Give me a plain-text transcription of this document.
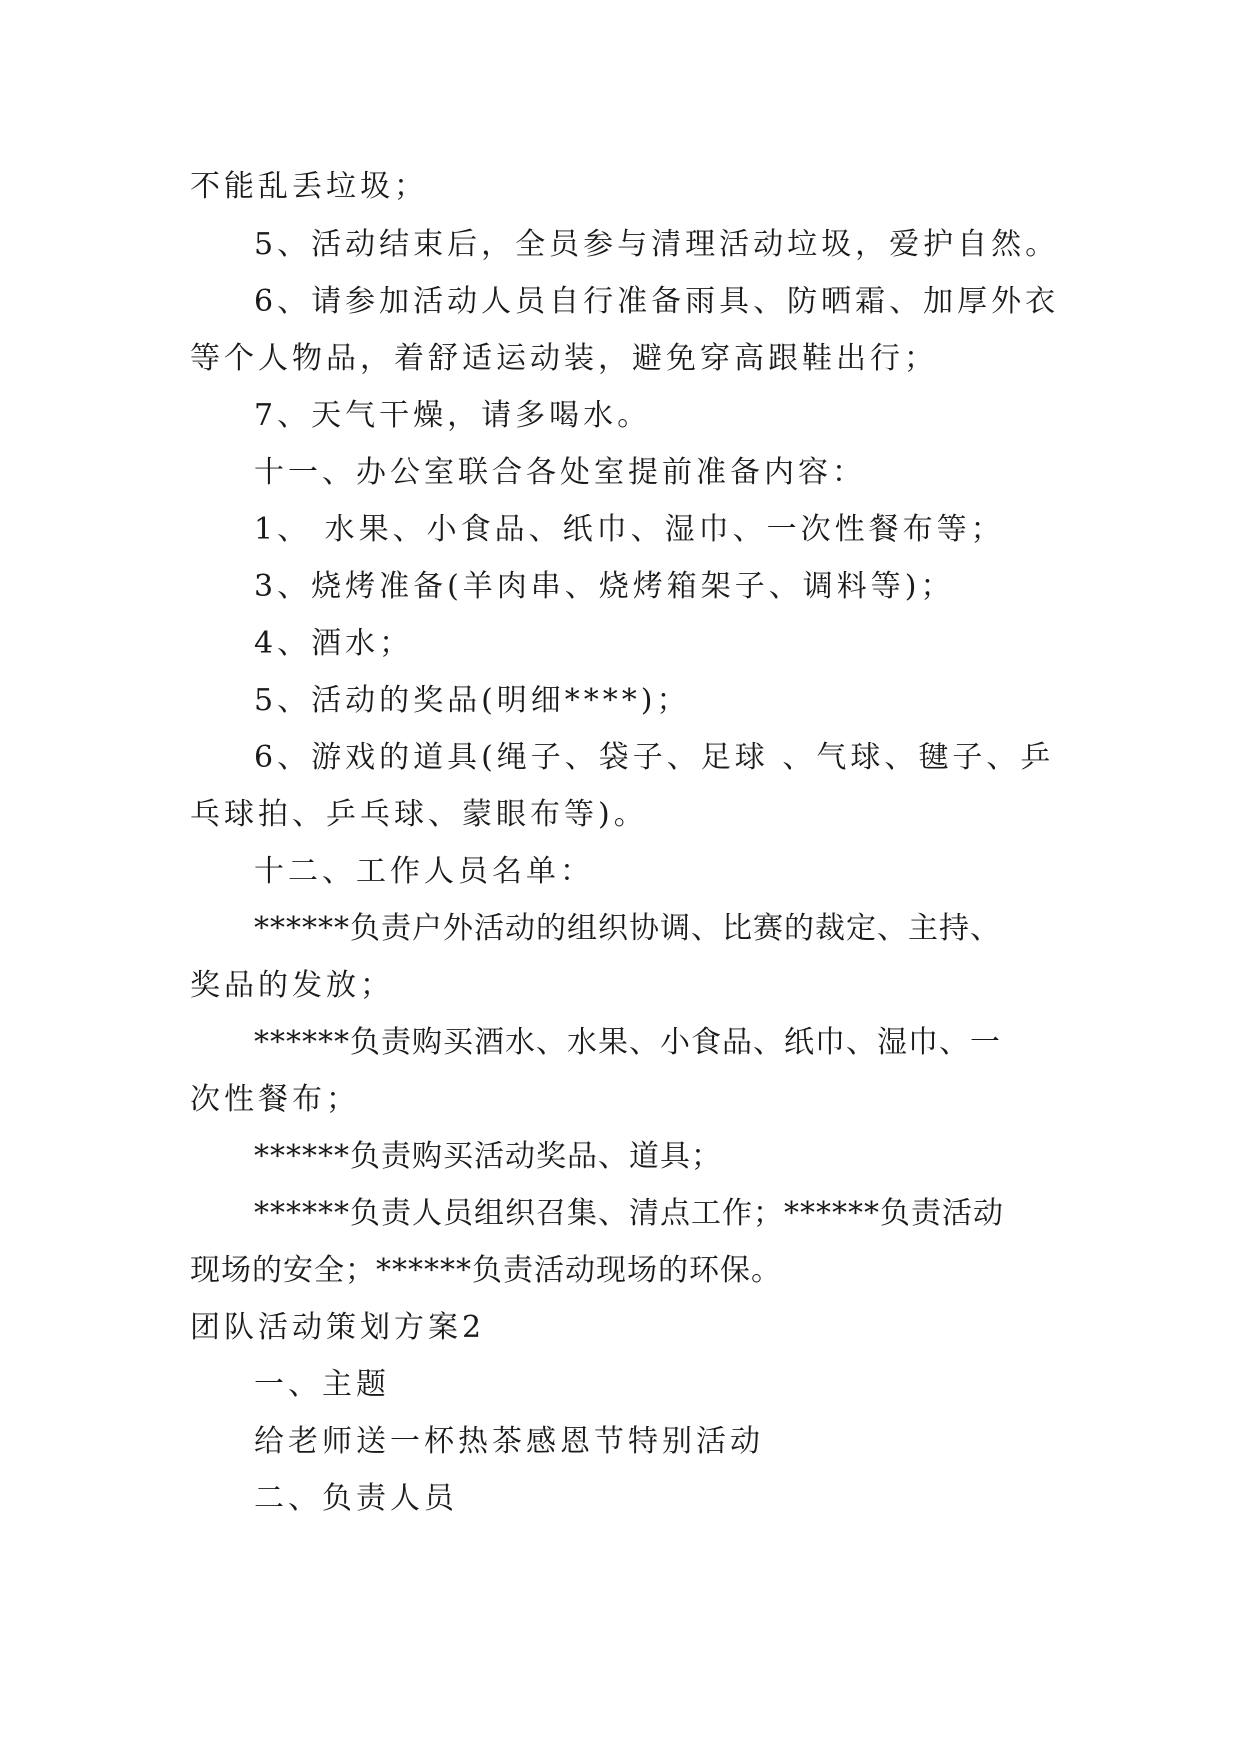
不能乱丢垃圾；
5、活动结束后，全员参与清理活动垃圾，爱护自然。
6、请参加活动人员自行准备雨具、防晒霜、加厚外衣
等个人物品，着舒适运动装，避免穿高跟鞋出行；
7、天气干燥，请多喝水。
十一、办公室联合各处室提前准备内容：
1、 水果、小食品、纸巾、湿巾、一次性餐布等；
3、烧烤准备(羊肉串、烧烤箱架子、调料等)；
4、酒水；
5、活动的奖品(明细****)；
6、游戏的道具(绳子、袋子、足球 、气球、毽子、乒
乓球拍、乒乓球、蒙眼布等)。
十二、工作人员名单：
******负责户外活动的组织协调、比赛的裁定、主持、
奖品的发放；
******负责购买酒水、水果、小食品、纸巾、湿巾、一
次性餐布；
******负责购买活动奖品、道具；
******负责人员组织召集、清点工作；******负责活动
现场的安全；******负责活动现场的环保。
团队活动策划方案2
一、主题
给老师送一杯热茶感恩节特别活动
二、负责人员
